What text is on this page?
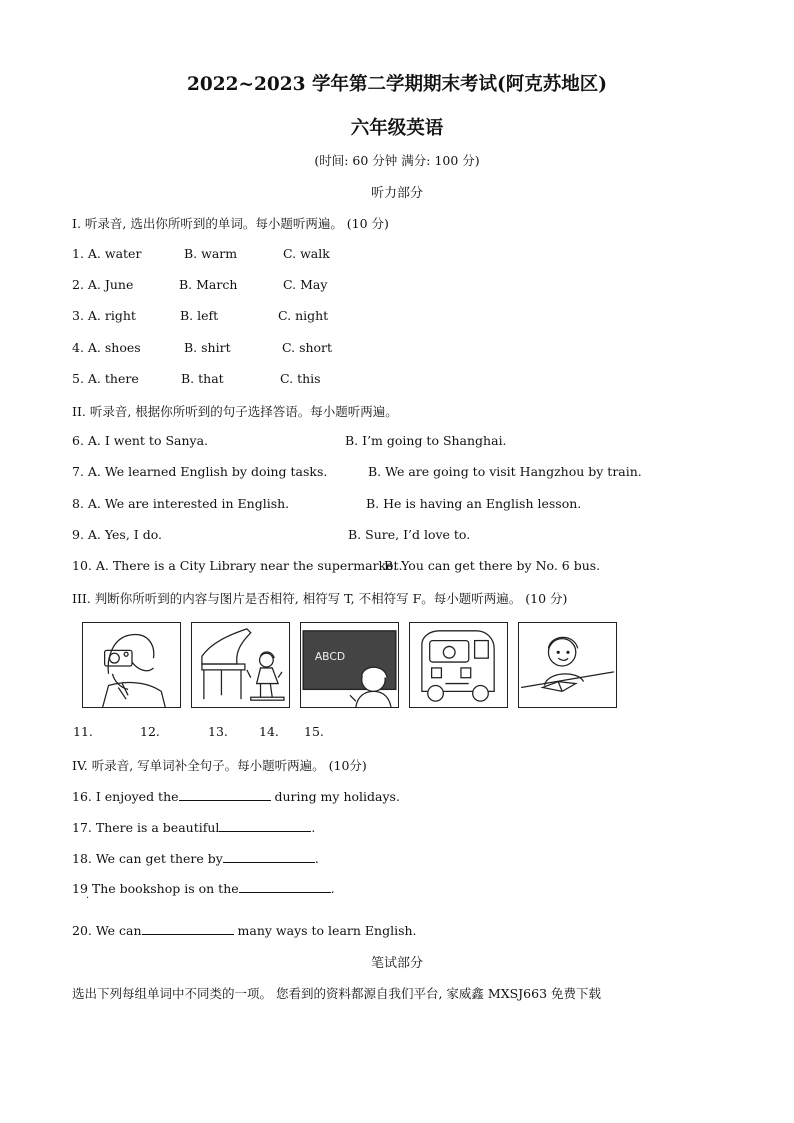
2022~2023 学年第二学期期末考试(阿克苏地区)
六年级英语
(时间: 60 分钟 满分: 100 分)
听力部分
I. 听录音, 选出你所听到的单词。每小题听两遍。 (10 分)
1. A. water	B. warm	C. walk
2. A. June	B. March	C. May
3. A. right	B. left	C. night
4. A. shoes	B. shirt	C. short
5. A. there	B. that	C. this
II. 听录音, 根据你所听到的句子选择答语。每小题听两遍。
6. A. I went to Sanya.	B. I’m going to Shanghai.
7. A. We learned English by doing tasks.	B. We are going to visit Hangzhou by train.
8. A. We are interested in English.	B. He is having an English lesson.
9. A. Yes, I do.	B. Sure, I’d love to.
10. A. There is a City Library near the supermarket.
B. You can get there by No. 6 bus.
III. 判断你所听到的内容与图片是否相符, 相符写 T, 不相符写 F。每小题听两遍。 (10 分)
ABCD
11.	12.	13. 14. 15.
IV. 听录音, 写单词补全句子。每小题听两遍。 (10分)
16. I enjoyed the	during my holidays.
17. There is a beautiful	.
18. We can get there by	.
19 The bookshop is on the	.
·
20. We can	many ways to learn English.
笔试部分
选出下列每组单词中不同类的一项。 您看到的资料都源自我们平台, 家威鑫 MXSJ663 免费下载
